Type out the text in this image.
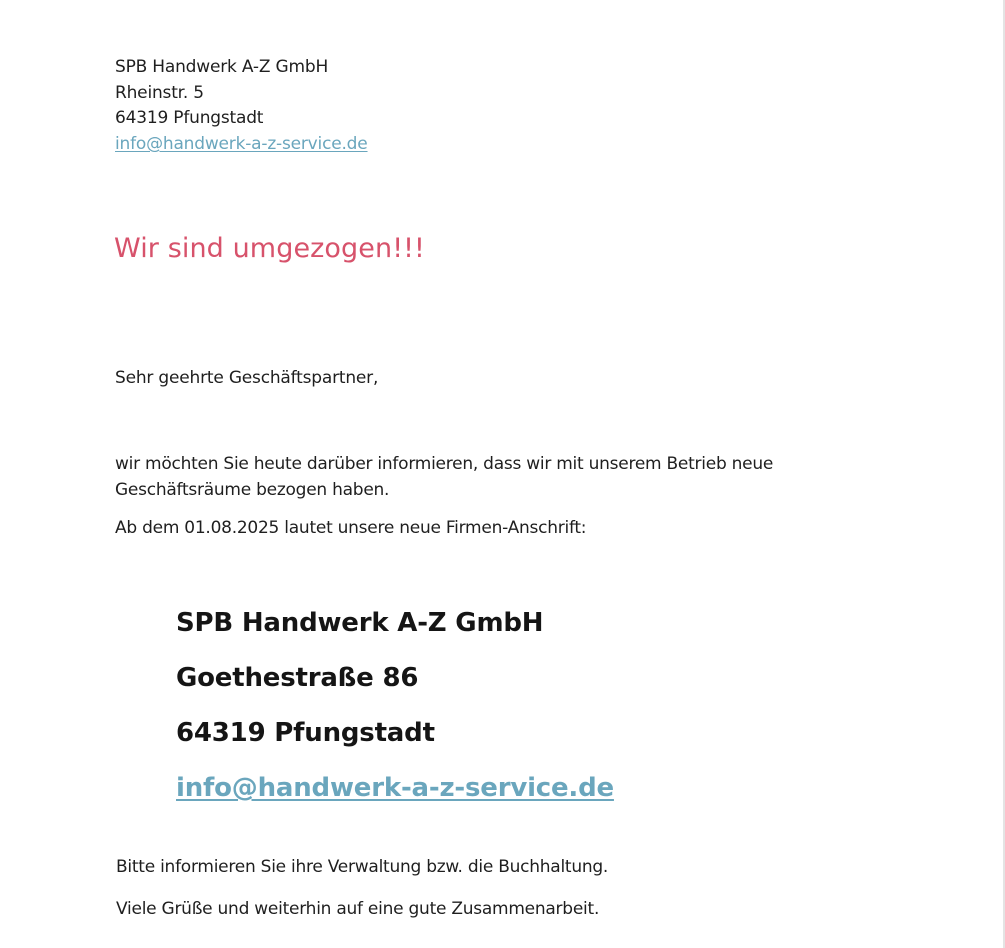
SPB Handwerk A-Z GmbH
Rheinstr. 5
64319 Pfungstadt
info@handwerk-a-z-service.de
Wir sind umgezogen!!!
Sehr geehrte Geschäftspartner,
wir möchten Sie heute darüber informieren, dass wir mit unserem Betrieb neue
Geschäftsräume bezogen haben.
Ab dem 01.08.2025 lautet unsere neue Firmen-Anschrift:
SPB Handwerk A-Z GmbH
Goethestraße 86
64319 Pfungstadt
info@handwerk-a-z-service.de
Bitte informieren Sie ihre Verwaltung bzw. die Buchhaltung.
Viele Grüße und weiterhin auf eine gute Zusammenarbeit.
